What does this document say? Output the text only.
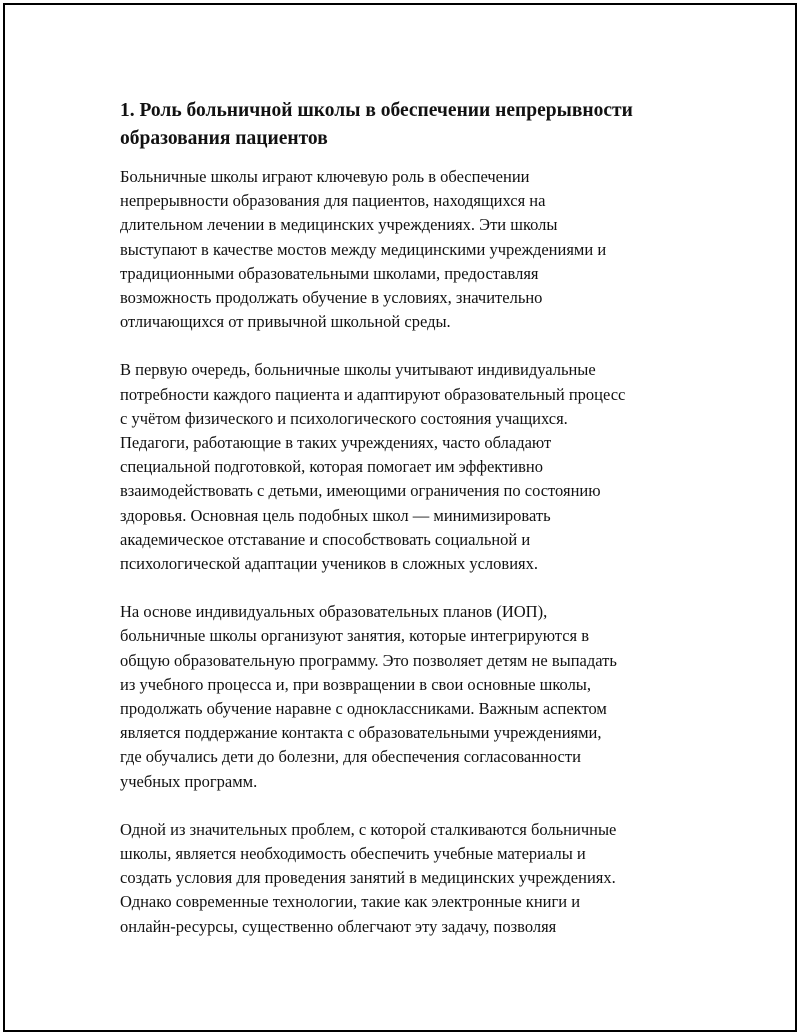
1. Роль больничной школы в обеспечении непрерывности
образования пациентов

Больничные школы играют ключевую роль в обеспечении
непрерывности образования для пациентов, находящихся на
длительном лечении в медицинских учреждениях. Эти школы
выступают в качестве мостов между медицинскими учреждениями и
традиционными образовательными школами, предоставляя
возможность продолжать обучение в условиях, значительно
отличающихся от привычной школьной среды.

В первую очередь, больничные школы учитывают индивидуальные
потребности каждого пациента и адаптируют образовательный процесс
с учётом физического и психологического состояния учащихся.
Педагоги, работающие в таких учреждениях, часто обладают
специальной подготовкой, которая помогает им эффективно
взаимодействовать с детьми, имеющими ограничения по состоянию
здоровья. Основная цель подобных школ — минимизировать
академическое отставание и способствовать социальной и
психологической адаптации учеников в сложных условиях.

На основе индивидуальных образовательных планов (ИОП),
больничные школы организуют занятия, которые интегрируются в
общую образовательную программу. Это позволяет детям не выпадать
из учебного процесса и, при возвращении в свои основные школы,
продолжать обучение наравне с одноклассниками. Важным аспектом
является поддержание контакта с образовательными учреждениями,
где обучались дети до болезни, для обеспечения согласованности
учебных программ.

Одной из значительных проблем, с которой сталкиваются больничные
школы, является необходимость обеспечить учебные материалы и
создать условия для проведения занятий в медицинских учреждениях.
Однако современные технологии, такие как электронные книги и
онлайн-ресурсы, существенно облегчают эту задачу, позволяя
